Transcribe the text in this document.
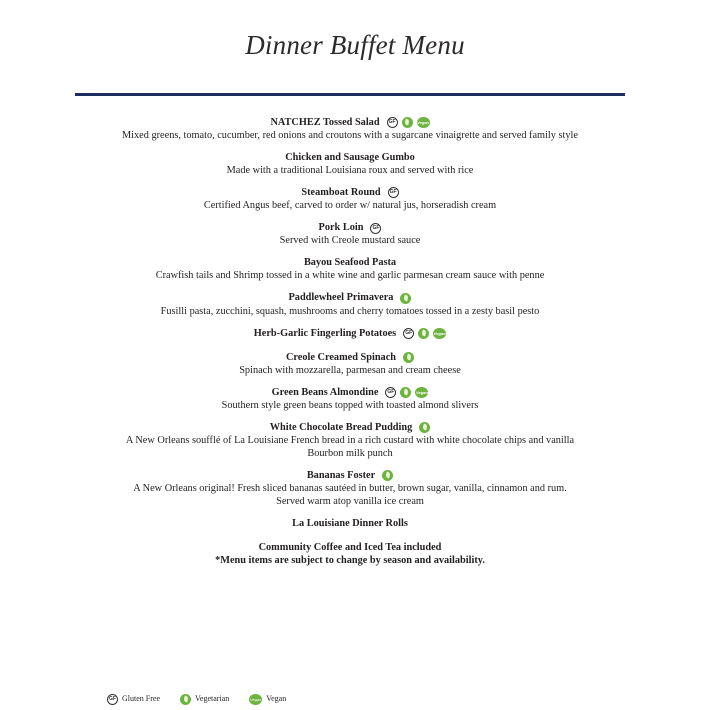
Dinner Buffet Menu
NATCHEZ Tossed Salad GF	Vegan
Mixed greens, tomato, cucumber, red onions and croutons with a sugarcane vinaigrette and served family style
Chicken and Sausage Gumbo
Made with a traditional Louisiana roux and served with rice
Steamboat Round GF
Certified Angus beef, carved to order w/ natural jus, horseradish cream
Pork Loin GF
Served with Creole mustard sauce
Bayou Seafood Pasta
Crawfish tails and Shrimp tossed in a white wine and garlic parmesan cream sauce with penne
Paddlewheel Primavera
Fusilli pasta, zucchini, squash, mushrooms and cherry tomatoes tossed in a zesty basil pesto
Herb-Garlic Fingerling Potatoes GF	Vegan
Creole Creamed Spinach
Spinach with mozzarella, parmesan and cream cheese
Green Beans Almondine GF	Vegan
Southern style green beans topped with toasted almond slivers
White Chocolate Bread Pudding
A New Orleans soufflé of La Louisiane French bread in a rich custard with white chocolate chips and vanilla
Bourbon milk punch
Bananas Foster
A New Orleans original! Fresh sliced bananas sautéed in butter, brown sugar, vanilla, cinnamon and rum.
Served warm atop vanilla ice cream
La Louisiane Dinner Rolls
Community Coffee and Iced Tea included
*Menu items are subject to change by season and availability.
GF Gluten Free	Vegetarian	Vegan Vegan
